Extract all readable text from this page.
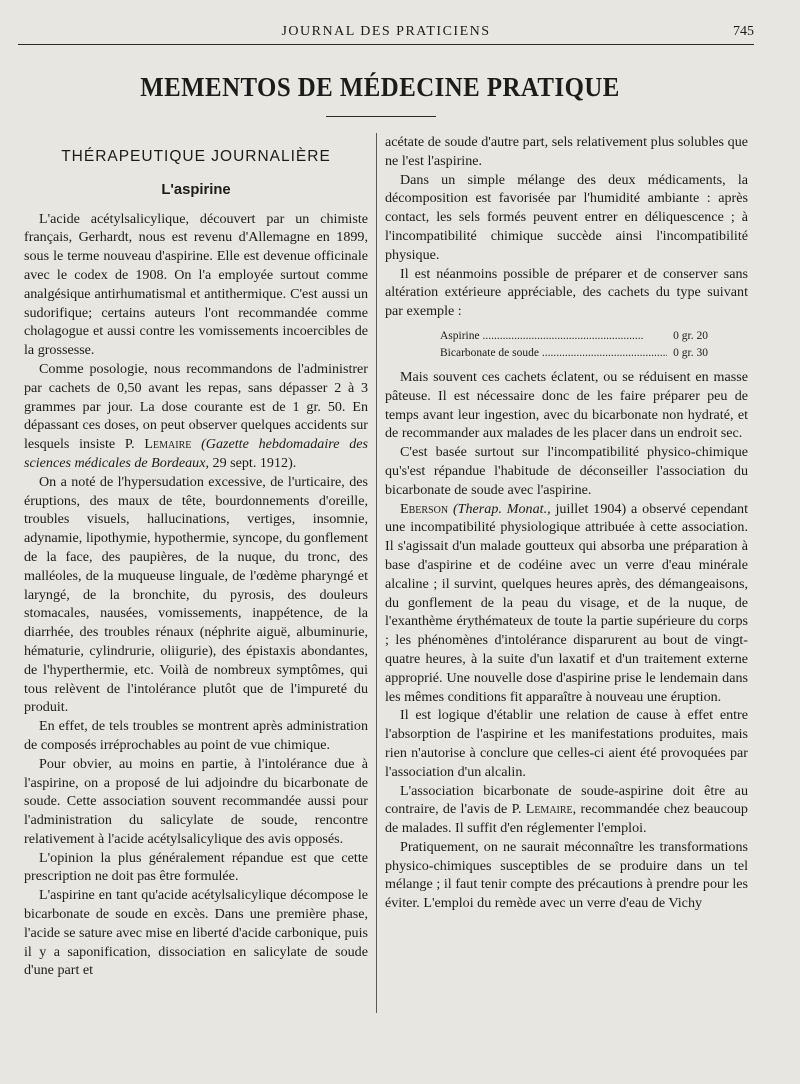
JOURNAL DES PRATICIENS	745
MEMENTOS DE MÉDECINE PRATIQUE
THÉRAPEUTIQUE JOURNALIÈRE
L'aspirine

L'acide acétylsalicylique, découvert par un chimiste français, Gerhardt, nous est revenu d'Allemagne en 1899, sous le terme nouveau d'aspirine. Elle est devenue officinale avec le codex de 1908. On l'a employée surtout comme analgésique antirhumatismal et antithermique. C'est aussi un sudorifique; certains auteurs l'ont recommandée comme cholagogue et aussi contre les vomissements incoercibles de la grossesse.

Comme posologie, nous recommandons de l'administrer par cachets de 0,50 avant les repas, sans dépasser 2 à 3 grammes par jour. La dose courante est de 1 gr. 50. En dépassant ces doses, on peut observer quelques accidents sur lesquels insiste P. Lemaire (Gazette hebdomadaire des sciences médicales de Bordeaux, 29 sept. 1912).

On a noté de l'hypersudation excessive, de l'urticaire, des éruptions, des maux de tête, bourdonnements d'oreille, troubles visuels, hallucinations, vertiges, insomnie, adynamie, lipothymie, hypothermie, syncope, du gonflement de la face, des paupières, de la nuque, du tronc, des malléoles, de la muqueuse linguale, de l'œdème pharyngé et laryngé, de la bronchite, du pyrosis, des douleurs stomacales, nausées, vomissements, inappétence, de la diarrhée, des troubles rénaux (néphrite aiguë, albuminurie, hématurie, cylindrurie, oliigurie), des épistaxis abondantes, de l'hyperthermie, etc. Voilà de nombreux symptômes, qui tous relèvent de l'intolérance plutôt que de l'impureté du produit.

En effet, de tels troubles se montrent après administration de composés irréprochables au point de vue chimique.

Pour obvier, au moins en partie, à l'intolérance due à l'aspirine, on a proposé de lui adjoindre du bicarbonate de soude. Cette association souvent recommandée aussi pour l'administration du salicylate de soude, rencontre relativement à l'acide acétylsalicylique des avis opposés.

L'opinion la plus généralement répandue est que cette prescription ne doit pas être formulée.

L'aspirine en tant qu'acide acétylsalicylique décompose le bicarbonate de soude en excès. Dans une première phase, l'acide se sature avec mise en liberté d'acide carbonique, puis il y a saponification, dissociation en salicylate de soude d'une part et

acétate de soude d'autre part, sels relativement plus solubles que ne l'est l'aspirine.

Dans un simple mélange des deux médicaments, la décomposition est favorisée par l'humidité ambiante : après contact, les sels formés peuvent entrer en déliquescence ; à l'incompatibilité chimique succède ainsi l'incompatibilité physique.

Il est néanmoins possible de préparer et de conserver sans altération extérieure appréciable, des cachets du type suivant par exemple :

Aspirine .....	0 gr. 20
Bicarbonate de soude .....	0 gr. 30

Mais souvent ces cachets éclatent, ou se réduisent en masse pâteuse. Il est nécessaire donc de les faire préparer peu de temps avant leur ingestion, avec du bicarbonate non hydraté, et de recommander aux malades de les placer dans un endroit sec.

C'est basée surtout sur l'incompatibilité physico-chimique qu's'est répandue l'habitude de déconseiller l'association du bicarbonate de soude avec l'aspirine.

Eberson (Therap. Monat., juillet 1904) a observé cependant une incompatibilité physiologique attribuée à cette association. Il s'agissait d'un malade goutteux qui absorba une préparation à base d'aspirine et de codéine avec un verre d'eau minérale alcaline ; il survint, quelques heures après, des démangeaisons, du gonflement de la peau du visage, et de la nuque, de l'exanthème érythémateux de toute la partie supérieure du corps ; les phénomènes d'intolérance disparurent au bout de vingt-quatre heures, à la suite d'un laxatif et d'un traitement externe approprié. Une nouvelle dose d'aspirine prise le lendemain dans les mêmes conditions fit apparaître à nouveau une éruption.

Il est logique d'établir une relation de cause à effet entre l'absorption de l'aspirine et les manifestations produites, mais rien n'autorise à conclure que celles-ci aient été provoquées par l'association d'un alcalin.

L'association bicarbonate de soude-aspirine doit être au contraire, de l'avis de P. Lemaire, recommandée chez beaucoup de malades. Il suffit d'en réglementer l'emploi.

Pratiquement, on ne saurait méconnaître les transformations physico-chimiques susceptibles de se produire dans un tel mélange ; il faut tenir compte des précautions à prendre pour les éviter. L'emploi du remède avec un verre d'eau de Vichy
